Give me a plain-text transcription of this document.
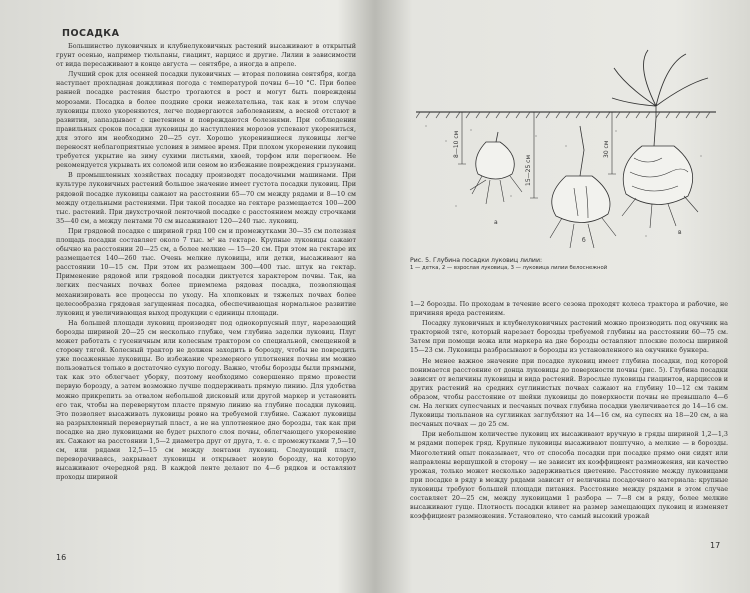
ПОСАДКА

Большинство луковичных и клубнелуковичных растений высаживают в открытый грунт осенью, например тюльпаны, гиацинт, нарцисс и другие. Лилии в зависимости от вида пересаживают в конце августа — сентябре, а иногда в апреле.

Лучший срок для осенней посадки луковичных — вторая половина сентября, когда наступает прохладная дождливая погода с температурой почвы 6—10 °С. При более ранней посадке растения быстро трогаются в рост и могут быть повреждены морозами. Посадка в более поздние сроки нежелательна, так как в этом случае луковицы плохо укореняются, легче подвергаются заболеваниям, а весной отстают в развитии, запаздывает с цветением и повреждаются болезнями. При соблюдении правильных сроков посадки луковицы до наступления морозов успевают укорениться, для этого им необходимо 20—25 сут. Хорошо укоренившиеся луковицы легче переносят неблагоприятные условия в зимнее время. При плохом укоренении луковиц требуется укрытие на зиму сухими листьями, хвоей, торфом или перегноем. Не рекомендуется укрывать их соломой или сеном во избежание повреждения грызунами.

В промышленных хозяйствах посадку производят посадочными машинами. При культуре луковичных растений большое значение имеет густота посадки луковиц. При рядовой посадке луковицы сажают на расстоянии 65—70 см между рядами и 8—10 см между отдельными растениями. При такой посадке на гектаре размещается 100—200 тыс. растений. При двухстрочной ленточной посадке с расстоянием между строчками 35—40 см, а между лентами 70 см высаживают 120—240 тыс. луковиц.

При грядовой посадке с шириной гряд 100 см и промежутками 30—35 см полезная площадь посадки составляет около 7 тыс. м² на гектаре. Крупные луковицы сажают обычно на расстоянии 20—25 см, а более мелкие — 15—20 см. При этом на гектаре их размещается 140—260 тыс. Очень мелкие луковицы, или детки, высаживают на расстоянии 10—15 см. При этом их размещаем 300—400 тыс. штук на гектар. Применение рядовой или грядовой посадки диктуется характером почвы. Так, на легких песчаных почвах более приемлема рядовая посадка, позволяющая механизировать все процессы по уходу. На хлопковых и тяжелых почвах более целесообразна грядовая загущенная посадка, обеспечивающая нормальное развитие луковиц и увеличивающая выход продукции с единицы площади.

На большей площади луковиц производят под однокорпусный плуг, нарезающий борозды шириной 20—25 см несколько глубже, чем глубина заделки луковиц. Плуг может работать с гусеничным или колесным трактором со специальной, смещенной в сторону тягой. Колесный трактор не должен заходить в борозду, чтобы не повредить уже посаженные луковицы. Во избежание чрезмерного уплотнения почвы им можно пользоваться только в достаточно сухую погоду. Важно, чтобы борозды были прямыми, так как это облегчает уборку, поэтому необходимо совершенно прямо провести первую борозду, а затем возможно лучше поддерживать прямую линию. Для удобства можно прикрепить за отвалом небольшой дисковый или другой маркер и установить его так, чтобы на перевернутом пласте прямую линию на глубине посадки луковиц. Это позволяет высаживать луковицы ровно на требуемой глубине. Сажают луковицы на разрыхленный перевернутый пласт, а не на уплотненное дно борозды, так как при посадке на дно луковицами не будет рыхлого слоя почвы, облегчающего укоренение их. Сажают на расстоянии 1,5—2 диаметра друг от друга, т. е. с промежутками 7,5—10 см, или рядами 12,5—15 см между лентами луковиц. Следующий пласт, переворачиваясь, закрывает луковицы и открывает новую борозду, на которую высаживают очередной ряд. В каждой ленте делают по 4—6 рядков и оставляют проходы шириной

16
8—10 см
15—25 см
30 см
а
б
в
Рис. 5. Глубина посадки луковиц лилии:
1 — детка, 2 — взрослая луковица, 3 — луковица лилии белоснежной

1—2 борозды. По проходам в течение всего сезона проходят колеса трактора и рабочие, не причиняя вреда растениям.

Посадку луковичных и клубнелуковичных растений можно производить под окучник на тракторной тяге, который нарезает борозды требуемой глубины на расстоянии 60—75 см. Затем при помощи ножа или маркера на дне борозды оставляют плоские полосы шириной 15—23 см. Луковицы разбрасывают в борозды из установленного на окучнике бункера.

Не менее важное значение при посадке луковиц имеет глубина посадки, под которой понимается расстояние от донца луковицы до поверхности почвы (рис. 5). Глубина посадки зависит от величины луковицы и вида растений. Взрослые луковицы гиацинтов, нарциссов и других растений на средних суглинистых почвах сажают на глубину 10—12 см таким образом, чтобы расстояние от шейки луковицы до поверхности почвы не превышало 4—6 см. На легких супесчаных и песчаных почвах глубина посадки увеличивается до 14—16 см. Луковицы тюльпанов на суглинках заглубляют на 14—16 см, на супесях на 18—20 см, а на песчаных почвах — до 25 см.

При небольшом количестве луковиц их высаживают вручную в гряды шириной 1,2—1,3 м рядами поперек гряд. Крупные луковицы высаживают поштучно, а мелкие — в борозды. Многолетний опыт показывает, что от способа посадки при посадке прямо они сидят или направлены вершушкой в сторону — не зависит их коэффициент размножения, ни качество урожая, только может несколько задерживаться цветение. Расстояние между луковицами при посадке в ряду в между рядами зависит от величины посадочного материала: крупные луковицы требуют большей площади питания. Расстояние между рядами в этом случае составляет 20—25 см, между луковицами 1 разбора — 7—8 см в ряду, более мелкие высаживают гуще. Плотность посадки влияет на размер замещающих луковиц и изменяет коэффициент размножения. Установлено, что самый высокий урожай

17
